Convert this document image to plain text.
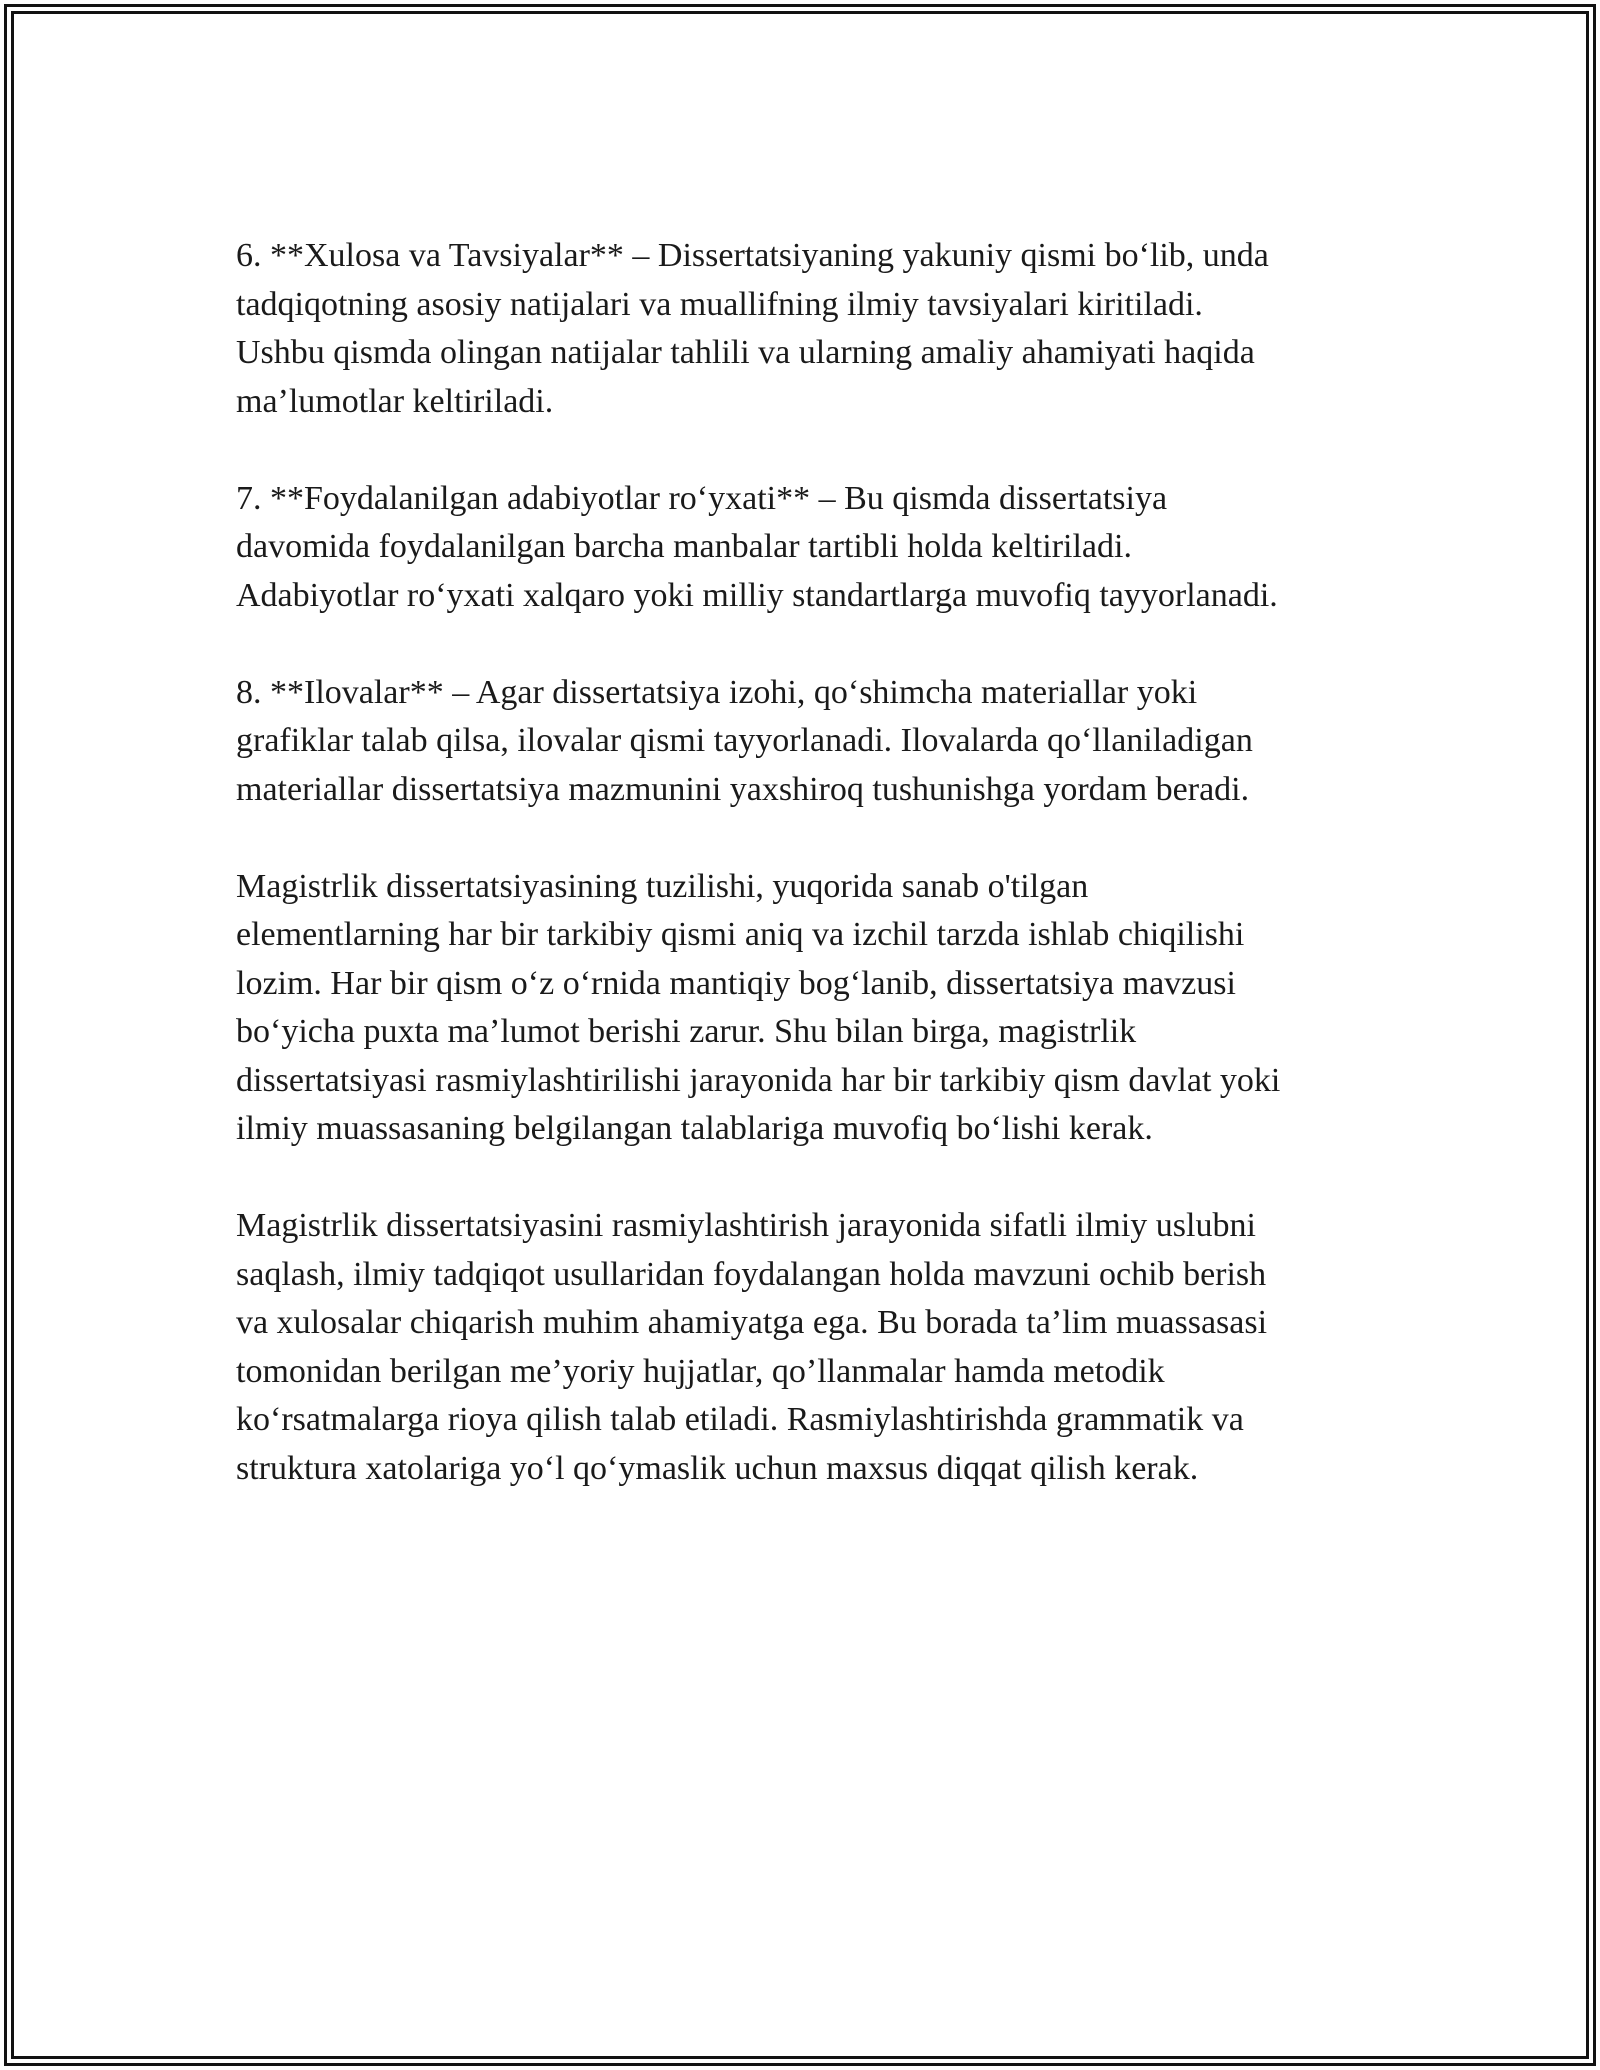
6. **Xulosa va Tavsiyalar** – Dissertatsiyaning yakuniy qismi bo‘lib, unda
tadqiqotning asosiy natijalari va muallifning ilmiy tavsiyalari kiritiladi.
Ushbu qismda olingan natijalar tahlili va ularning amaliy ahamiyati haqida
ma’lumotlar keltiriladi.

7. **Foydalanilgan adabiyotlar ro‘yxati** – Bu qismda dissertatsiya
davomida foydalanilgan barcha manbalar tartibli holda keltiriladi.
Adabiyotlar ro‘yxati xalqaro yoki milliy standartlarga muvofiq tayyorlanadi.

8. **Ilovalar** – Agar dissertatsiya izohi, qo‘shimcha materiallar yoki
grafiklar talab qilsa, ilovalar qismi tayyorlanadi. Ilovalarda qo‘llaniladigan
materiallar dissertatsiya mazmunini yaxshiroq tushunishga yordam beradi.

Magistrlik dissertatsiyasining tuzilishi, yuqorida sanab o'tilgan
elementlarning har bir tarkibiy qismi aniq va izchil tarzda ishlab chiqilishi
lozim. Har bir qism o‘z o‘rnida mantiqiy bog‘lanib, dissertatsiya mavzusi
bo‘yicha puxta ma’lumot berishi zarur. Shu bilan birga, magistrlik
dissertatsiyasi rasmiylashtirilishi jarayonida har bir tarkibiy qism davlat yoki
ilmiy muassasaning belgilangan talablariga muvofiq bo‘lishi kerak.

Magistrlik dissertatsiyasini rasmiylashtirish jarayonida sifatli ilmiy uslubni
saqlash, ilmiy tadqiqot usullaridan foydalangan holda mavzuni ochib berish
va xulosalar chiqarish muhim ahamiyatga ega. Bu borada ta’lim muassasasi
tomonidan berilgan me’yoriy hujjatlar, qo’llanmalar hamda metodik
ko‘rsatmalarga rioya qilish talab etiladi. Rasmiylashtirishda grammatik va
struktura xatolariga yo‘l qo‘ymaslik uchun maxsus diqqat qilish kerak.
